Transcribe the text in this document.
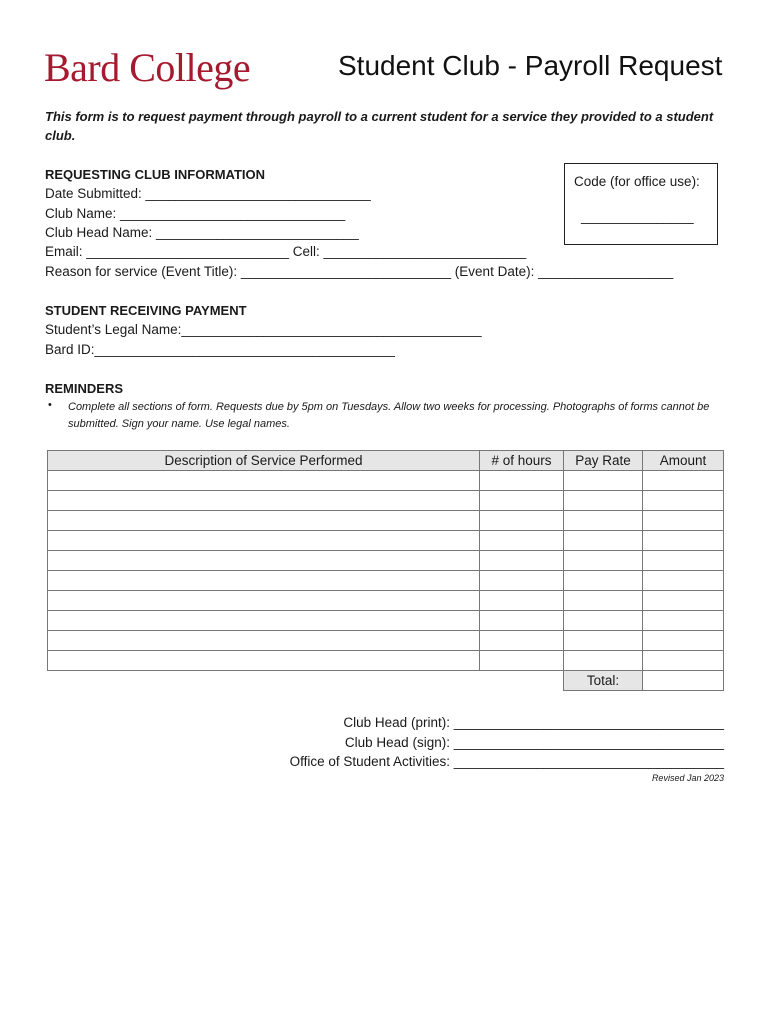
Bard College	Student Club - Payroll Request
This form is to request payment through payroll to a current student for a service they provided to a student club.
REQUESTING CLUB INFORMATION
Date Submitted: ______________________________
Club Name: ______________________________
Club Head Name: ___________________________
Email: ___________________________ Cell: ___________________________
Reason for service (Event Title): ____________________________ (Event Date): __________________
Code (for office use):
_______________
STUDENT RECEIVING PAYMENT
Student’s Legal Name:________________________________________
Bard ID:________________________________________
REMINDERS
• Complete all sections of form. Requests due by 5pm on Tuesdays. Allow two weeks for processing. Photographs of forms cannot be submitted. Sign your name. Use legal names.
Description of Service Performed	# of hours	Pay Rate	Amount

		Total:	
Club Head (print): ____________________________________
Club Head (sign): ____________________________________
Office of Student Activities: ____________________________________
Revised Jan 2023
